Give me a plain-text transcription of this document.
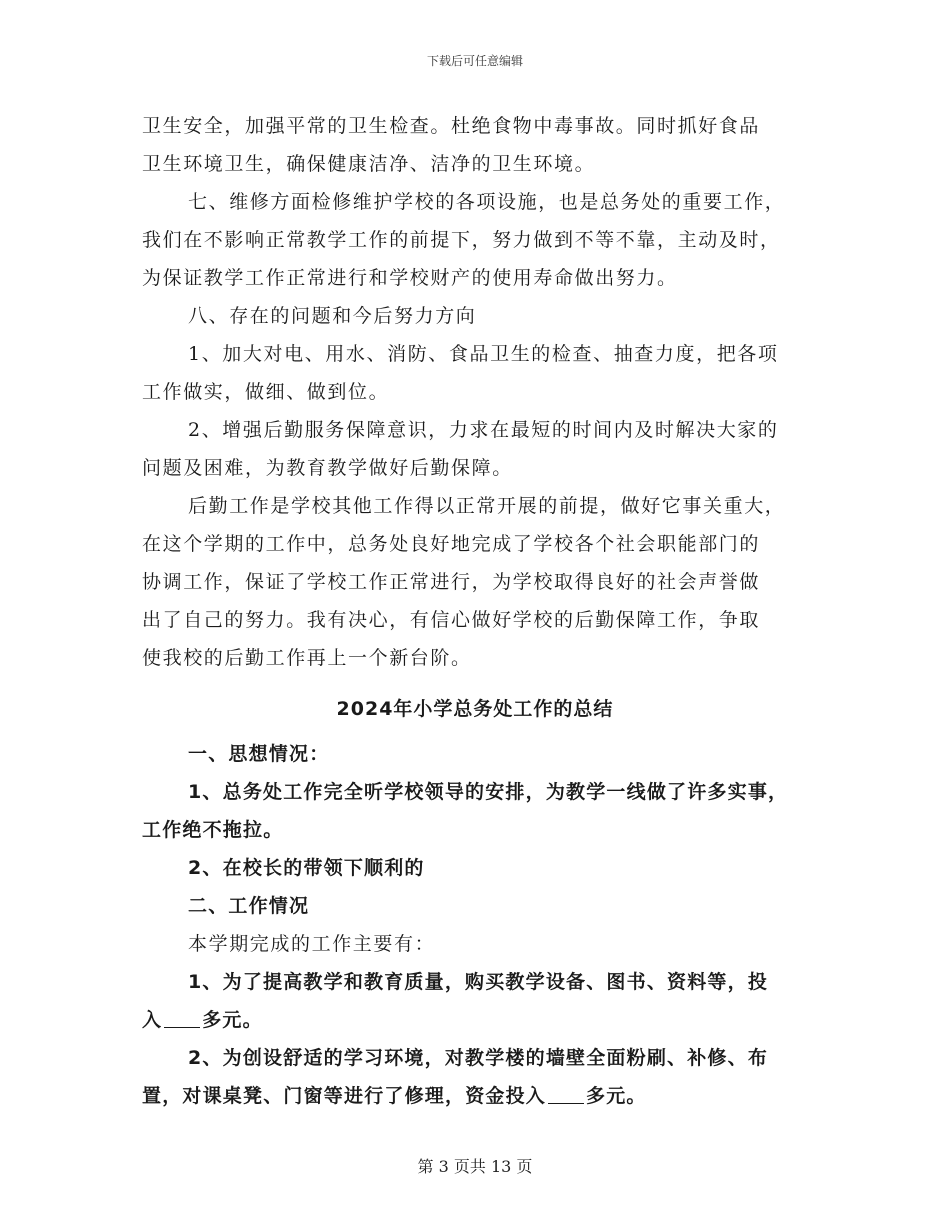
下载后可任意编辑
卫生安全，加强平常的卫生检查。杜绝食物中毒事故。同时抓好食品
卫生环境卫生，确保健康洁净、洁净的卫生环境。
七、维修方面检修维护学校的各项设施，也是总务处的重要工作，
我们在不影响正常教学工作的前提下，努力做到不等不靠，主动及时，
为保证教学工作正常进行和学校财产的使用寿命做出努力。
八、存在的问题和今后努力方向
1、加大对电、用水、消防、食品卫生的检查、抽查力度，把各项
工作做实，做细、做到位。
2、增强后勤服务保障意识，力求在最短的时间内及时解决大家的
问题及困难，为教育教学做好后勤保障。
后勤工作是学校其他工作得以正常开展的前提，做好它事关重大，
在这个学期的工作中，总务处良好地完成了学校各个社会职能部门的
协调工作，保证了学校工作正常进行，为学校取得良好的社会声誉做
出了自己的努力。我有决心，有信心做好学校的后勤保障工作，争取
使我校的后勤工作再上一个新台阶。
2024年小学总务处工作的总结
一、思想情况：
1、总务处工作完全听学校领导的安排，为教学一线做了许多实事，
工作绝不拖拉。
2、在校长的带领下顺利的
二、工作情况
本学期完成的工作主要有：
1、为了提高教学和教育质量，购买教学设备、图书、资料等，投
入 多元。
2、为创设舒适的学习环境，对教学楼的墙壁全面粉刷、补修、布
置，对课桌凳、门窗等进行了修理，资金投入 多元。
第 3 页共 13 页
